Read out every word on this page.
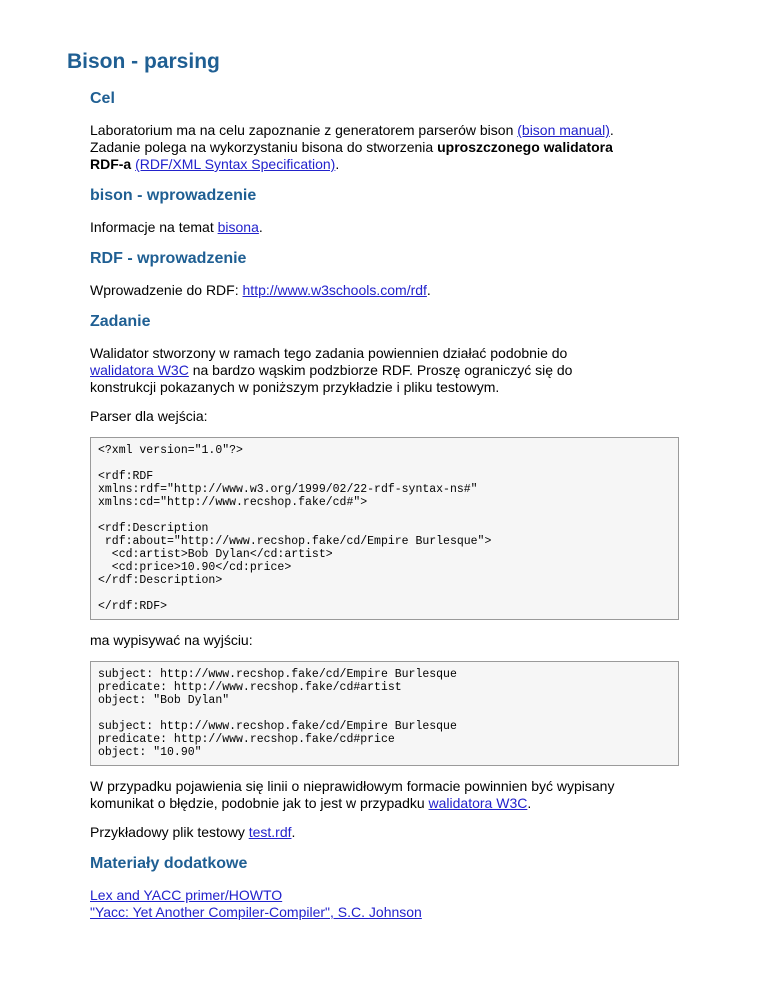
Bison - parsing
Cel

Laboratorium ma na celu zapoznanie z generatorem parserów bison (bison manual).
Zadanie polega na wykorzystaniu bisona do stworzenia uproszczonego walidatora
RDF-a (RDF/XML Syntax Specification).

bison - wprowadzenie

Informacje na temat bisona.

RDF - wprowadzenie

Wprowadzenie do RDF: http://www.w3schools.com/rdf.

Zadanie

Walidator stworzony w ramach tego zadania powiennien działać podobnie do
walidatora W3C na bardzo wąskim podzbiorze RDF. Proszę ograniczyć się do
konstrukcji pokazanych w poniższym przykładzie i pliku testowym.

Parser dla wejścia:

<?xml version="1.0"?>

<rdf:RDF
xmlns:rdf="http://www.w3.org/1999/02/22-rdf-syntax-ns#"
xmlns:cd="http://www.recshop.fake/cd#">

<rdf:Description
rdf:about="http://www.recshop.fake/cd/Empire Burlesque">
<cd:artist>Bob Dylan</cd:artist>
<cd:price>10.90</cd:price>
</rdf:Description>

</rdf:RDF>

ma wypisywać na wyjściu:

subject: http://www.recshop.fake/cd/Empire Burlesque
predicate: http://www.recshop.fake/cd#artist
object: "Bob Dylan"

subject: http://www.recshop.fake/cd/Empire Burlesque
predicate: http://www.recshop.fake/cd#price
object: "10.90"

W przypadku pojawienia się linii o nieprawidłowym formacie powinnien być wypisany
komunikat o błędzie, podobnie jak to jest w przypadku walidatora W3C.

Przykładowy plik testowy test.rdf.

Materiały dodatkowe
Lex and YACC primer/HOWTO
"Yacc: Yet Another Compiler-Compiler", S.C. Johnson
